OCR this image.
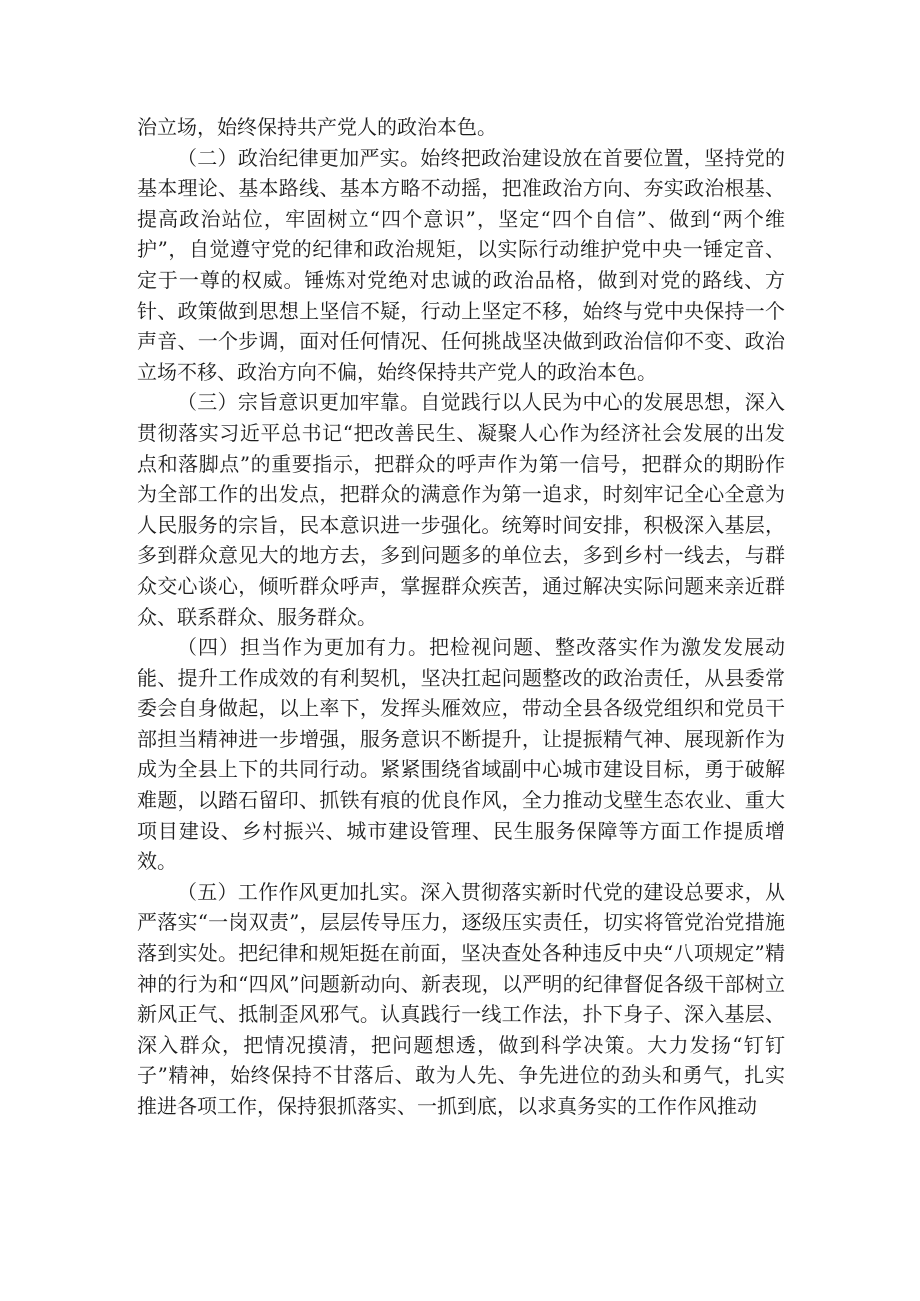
治立场，始终保持共产党人的政治本色。

（二）政治纪律更加严实。始终把政治建设放在首要位置，坚持党的基本理论、基本路线、基本方略不动摇，把准政治方向、夯实政治根基、提高政治站位，牢固树立“四个意识”，坚定“四个自信”、做到“两个维护”，自觉遵守党的纪律和政治规矩，以实际行动维护党中央一锤定音、定于一尊的权威。锤炼对党绝对忠诚的政治品格，做到对党的路线、方针、政策做到思想上坚信不疑，行动上坚定不移，始终与党中央保持一个声音、一个步调，面对任何情况、任何挑战坚决做到政治信仰不变、政治立场不移、政治方向不偏，始终保持共产党人的政治本色。

（三）宗旨意识更加牢靠。自觉践行以人民为中心的发展思想，深入贯彻落实习近平总书记“把改善民生、凝聚人心作为经济社会发展的出发点和落脚点”的重要指示，把群众的呼声作为第一信号，把群众的期盼作为全部工作的出发点，把群众的满意作为第一追求，时刻牢记全心全意为人民服务的宗旨，民本意识进一步强化。统筹时间安排，积极深入基层，多到群众意见大的地方去，多到问题多的单位去，多到乡村一线去，与群众交心谈心，倾听群众呼声，掌握群众疾苦，通过解决实际问题来亲近群众、联系群众、服务群众。

（四）担当作为更加有力。把检视问题、整改落实作为激发发展动能、提升工作成效的有利契机，坚决扛起问题整改的政治责任，从县委常委会自身做起，以上率下，发挥头雁效应，带动全县各级党组织和党员干部担当精神进一步增强，服务意识不断提升，让提振精气神、展现新作为成为全县上下的共同行动。紧紧围绕省域副中心城市建设目标，勇于破解难题，以踏石留印、抓铁有痕的优良作风，全力推动戈壁生态农业、重大项目建设、乡村振兴、城市建设管理、民生服务保障等方面工作提质增效。

（五）工作作风更加扎实。深入贯彻落实新时代党的建设总要求，从严落实“一岗双责”，层层传导压力，逐级压实责任，切实将管党治党措施落到实处。把纪律和规矩挺在前面，坚决查处各种违反中央“八项规定”精神的行为和“四风”问题新动向、新表现，以严明的纪律督促各级干部树立新风正气、抵制歪风邪气。认真践行一线工作法，扑下身子、深入基层、深入群众，把情况摸清，把问题想透，做到科学决策。大力发扬“钉钉子”精神，始终保持不甘落后、敢为人先、争先进位的劲头和勇气，扎实推进各项工作，保持狠抓落实、一抓到底，以求真务实的工作作风推动
